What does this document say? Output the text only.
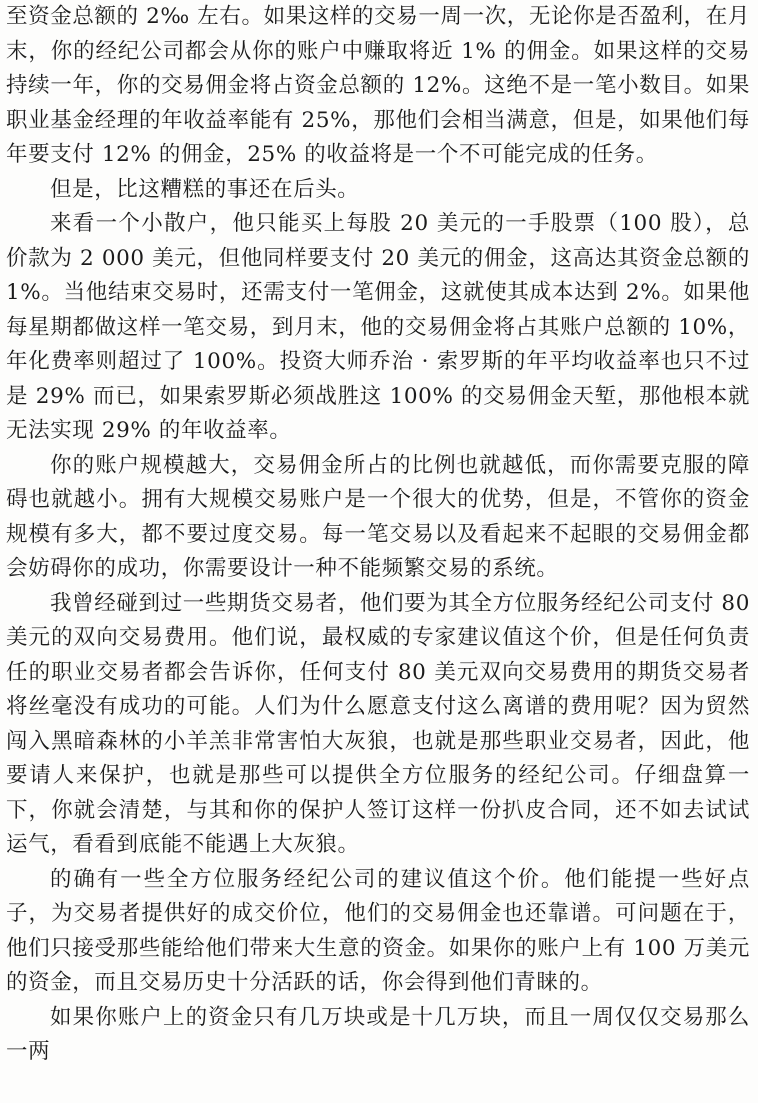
至资金总额的 2‰ 左右。如果这样的交易一周一次，无论你是否盈利，在月末，你的经纪公司都会从你的账户中赚取将近 1% 的佣金。如果这样的交易持续一年，你的交易佣金将占资金总额的 12%。这绝不是一笔小数目。如果职业基金经理的年收益率能有 25%，那他们会相当满意，但是，如果他们每年要支付 12% 的佣金，25% 的收益将是一个不可能完成的任务。

但是，比这糟糕的事还在后头。

来看一个小散户，他只能买上每股 20 美元的一手股票（100 股），总价款为 2 000 美元，但他同样要支付 20 美元的佣金，这高达其资金总额的 1%。当他结束交易时，还需支付一笔佣金，这就使其成本达到 2%。如果他每星期都做这样一笔交易，到月末，他的交易佣金将占其账户总额的 10%，年化费率则超过了 100%。投资大师乔治 · 索罗斯的年平均收益率也只不过是 29% 而已，如果索罗斯必须战胜这 100% 的交易佣金天堑，那他根本就无法实现 29% 的年收益率。

你的账户规模越大，交易佣金所占的比例也就越低，而你需要克服的障碍也就越小。拥有大规模交易账户是一个很大的优势，但是，不管你的资金规模有多大，都不要过度交易。每一笔交易以及看起来不起眼的交易佣金都会妨碍你的成功，你需要设计一种不能频繁交易的系统。

我曾经碰到过一些期货交易者，他们要为其全方位服务经纪公司支付 80 美元的双向交易费用。他们说，最权威的专家建议值这个价，但是任何负责任的职业交易者都会告诉你，任何支付 80 美元双向交易费用的期货交易者将丝毫没有成功的可能。人们为什么愿意支付这么离谱的费用呢？因为贸然闯入黑暗森林的小羊羔非常害怕大灰狼，也就是那些职业交易者，因此，他要请人来保护，也就是那些可以提供全方位服务的经纪公司。仔细盘算一下，你就会清楚，与其和你的保护人签订这样一份扒皮合同，还不如去试试运气，看看到底能不能遇上大灰狼。

的确有一些全方位服务经纪公司的建议值这个价。他们能提一些好点子，为交易者提供好的成交价位，他们的交易佣金也还靠谱。可问题在于，他们只接受那些能给他们带来大生意的资金。如果你的账户上有 100 万美元的资金，而且交易历史十分活跃的话，你会得到他们青睐的。

如果你账户上的资金只有几万块或是十几万块，而且一周仅仅交易那么一两
